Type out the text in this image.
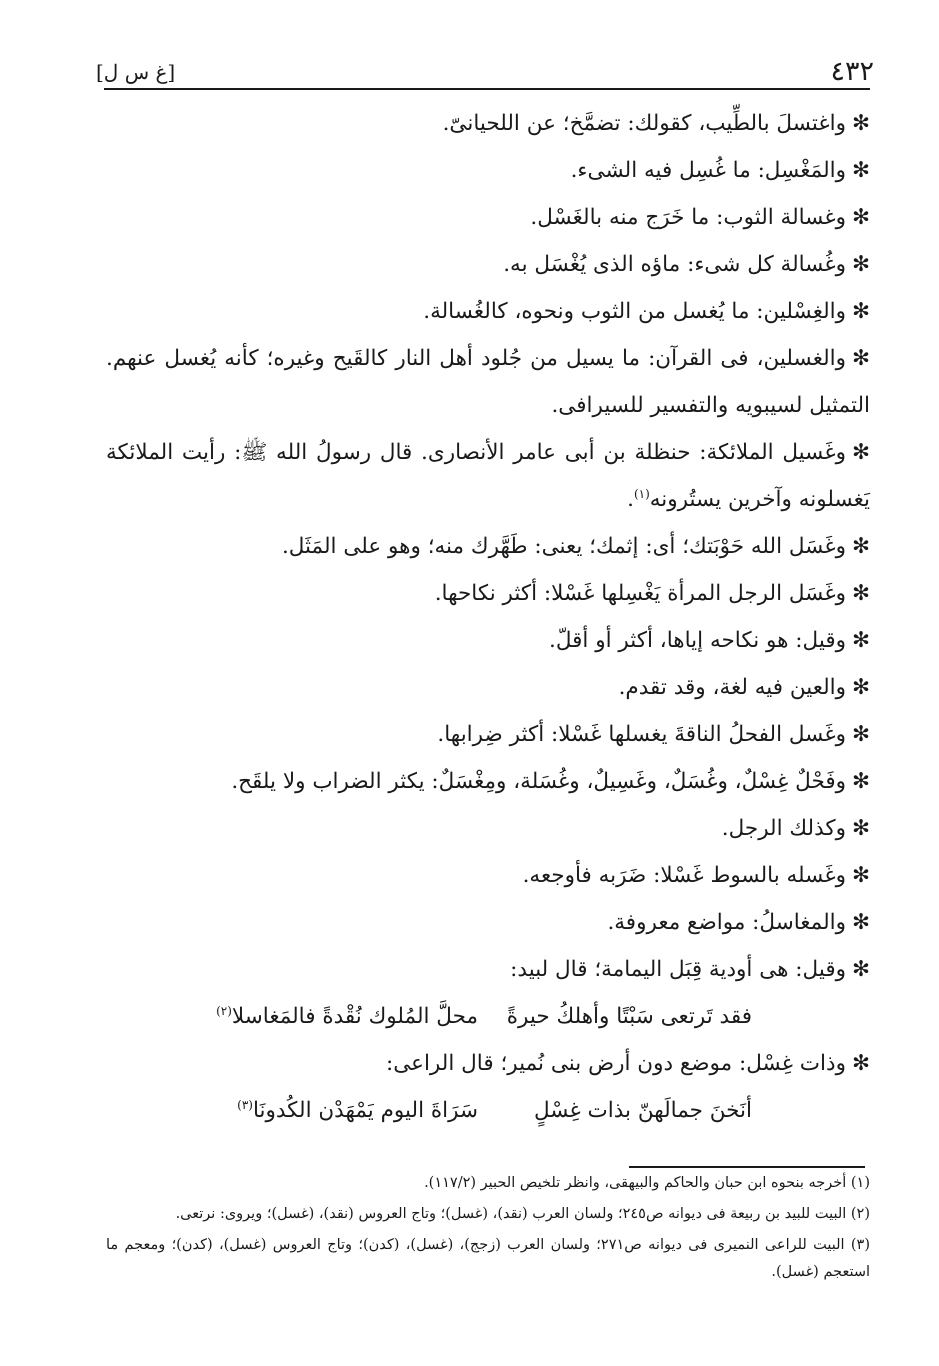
٤٣٢
[غ س ل]

✻واغتسلَ بالطِّيب، كقولك: تضمَّخ؛ عن اللحيانىّ.

✻والمَغْسِل: ما غُسِل فيه الشىء.

✻وغسالة الثوب: ما خَرَج منه بالغَسْل.

✻وغُسالة كل شىء: ماؤه الذى يُغْسَل به.

✻والغِسْلين: ما يُغسل من الثوب ونحوه، كالغُسالة.

✻والغسلين، فى القرآن: ما يسيل من جُلود أهل النار كالقَيح وغيره؛ كأنه يُغسل عنهم. التمثيل لسيبويه والتفسير للسيرافى.

✻وغَسيل الملائكة: حنظلة بن أبى عامر الأنصارى. قال رسولُ الله ﷺ: رأيت الملائكة يَغسلونه وآخرين يستُرونه$^{(١)}$.

✻وغَسَل الله حَوْبَتك؛ أى: إثمك؛ يعنى: طَهَّرك منه؛ وهو على المَثَل.

✻وغَسَل الرجل المرأة يَغْسِلها غَسْلا: أكثر نكاحها.

✻وقيل: هو نكاحه إياها، أكثر أو أقلّ.

✻والعين فيه لغة، وقد تقدم.

✻وغَسل الفحلُ الناقةَ يغسلها غَسْلا: أكثر ضِرابها.

✻وفَحْلٌ غِسْلٌ، وغُسَلٌ، وغَسِيلٌ، وغُسَلة، ومِغْسَلٌ: يكثر الضراب ولا يلقَح.

✻وكذلك الرجل.

✻وغَسله بالسوط غَسْلا: ضَرَبه فأوجعه.

✻والمغاسلُ: مواضع معروفة.

✻وقيل: هى أودية قِبَل اليمامة؛ قال لبيد:

فقد تَرتعى سَبْتًا وأهلكُ حيرةً
محلَّ المُلوك نُقْدةً فالمَغاسلا$^{(٢)}$

✻وذات غِسْل: موضع دون أرض بنى نُمير؛ قال الراعى:

أنَخنَ جمالَهنّ بذات غِسْلٍ
سَرَاةَ اليوم يَمْهَدْن الكُدونَا$^{(٣)}$

(١) أخرجه بنحوه ابن حبان والحاكم والبيهقى، وانظر تلخيص الحبير (١١٧/٢).

(٢) البيت للبيد بن ربيعة فى ديوانه ص٢٤٥؛ ولسان العرب (نقد)، (غسل)؛ وتاج العروس (نقد)، (غسل)؛ ويروى: نرتعى.

(٣) البيت للراعى النميرى فى ديوانه ص٢٧١؛ ولسان العرب (زجج)، (غسل)، (كدن)؛ وتاج العروس (غسل)، (كدن)؛ ومعجم ما استعجم (غسل).
